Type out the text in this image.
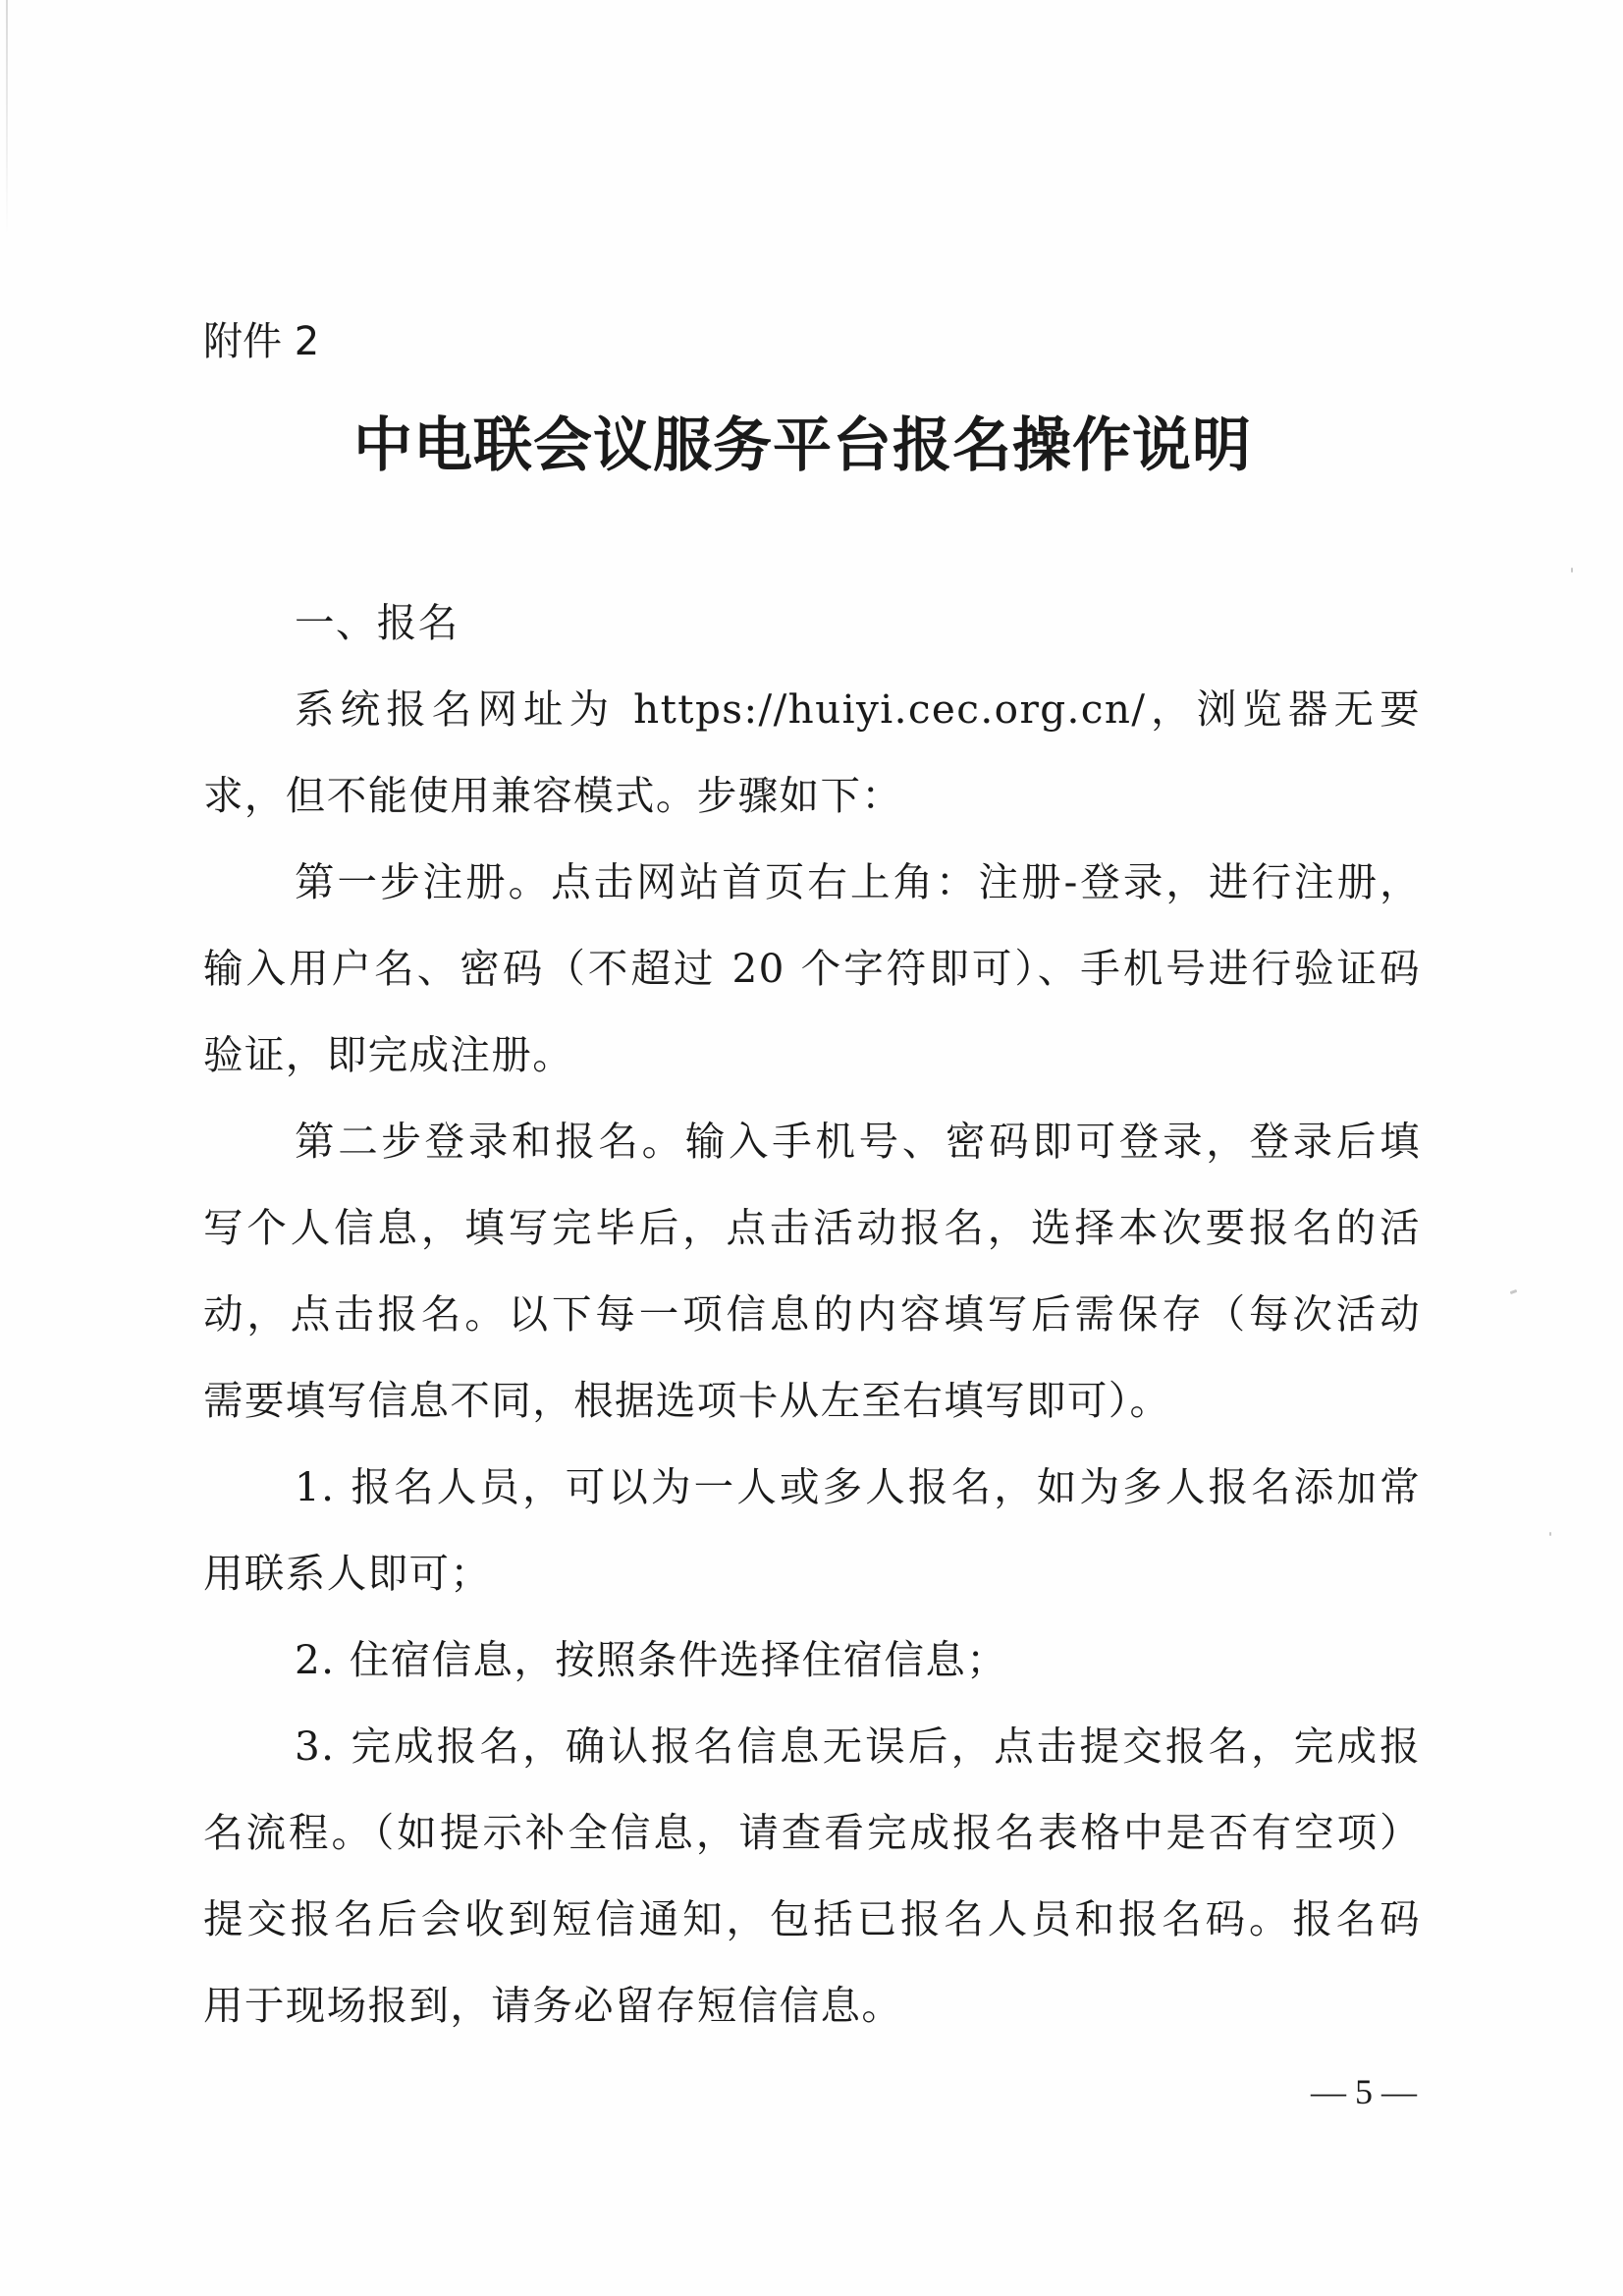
附件 2
中电联会议服务平台报名操作说明
一、报名
系统报名网址为 https://huiyi.cec.org.cn/，浏览器无要
求，但不能使用兼容模式。步骤如下：
第一步注册。点击网站首页右上角：注册-登录，进行注册，
输入用户名、密码（不超过 20 个字符即可）、手机号进行验证码
验证，即完成注册。
第二步登录和报名。输入手机号、密码即可登录，登录后填
写个人信息，填写完毕后，点击活动报名，选择本次要报名的活
动，点击报名。以下每一项信息的内容填写后需保存（每次活动
需要填写信息不同，根据选项卡从左至右填写即可）。
1. 报名人员，可以为一人或多人报名，如为多人报名添加常
用联系人即可；
2. 住宿信息，按照条件选择住宿信息；
3. 完成报名，确认报名信息无误后，点击提交报名，完成报
名流程。（如提示补全信息，请查看完成报名表格中是否有空项）
提交报名后会收到短信通知，包括已报名人员和报名码。报名码
用于现场报到，请务必留存短信信息。
— 5 —
